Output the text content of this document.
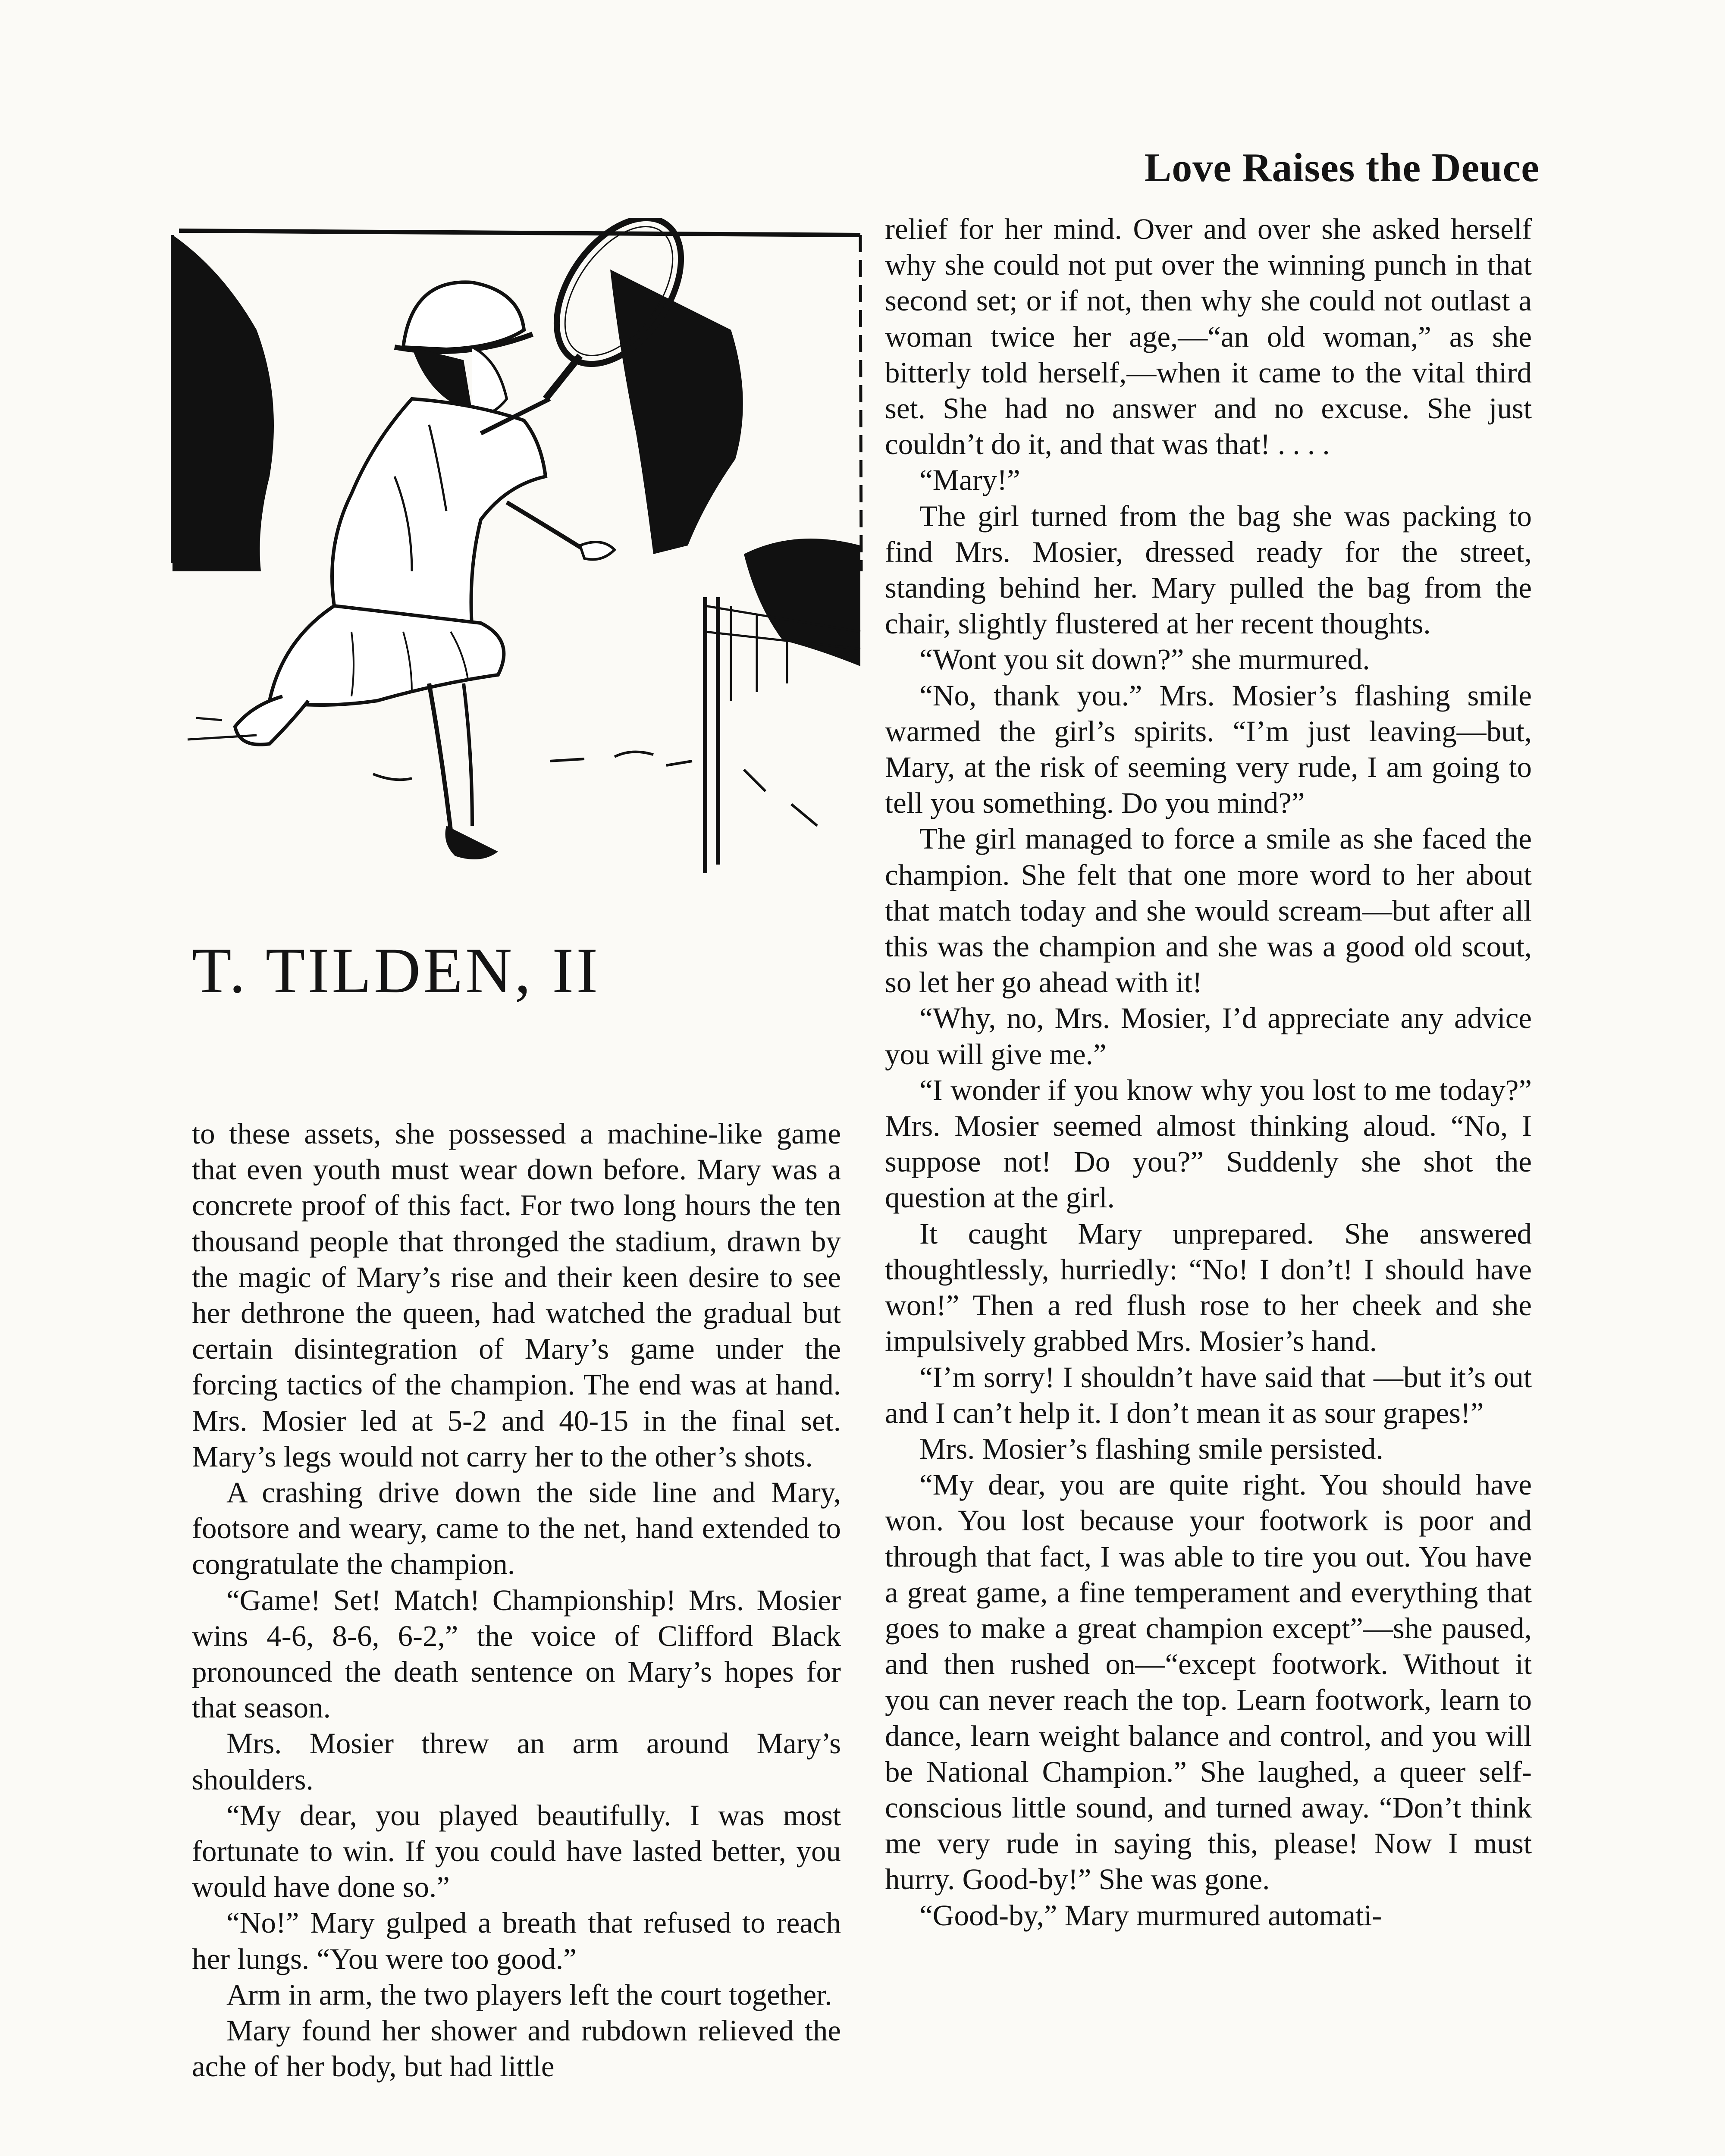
Love Raises the Deuce
T. TILDEN, II

to these assets, she possessed a machine-like game that even youth must wear down before. Mary was a concrete proof of this fact. For two long hours the ten thousand people that thronged the stadium, drawn by the magic of Mary’s rise and their keen desire to see her dethrone the queen, had watched the gradual but certain disintegration of Mary’s game under the forcing tactics of the champion. The end was at hand. Mrs. Mosier led at 5-2 and 40-15 in the final set. Mary’s legs would not carry her to the other’s shots.

A crashing drive down the side line and Mary, footsore and weary, came to the net, hand extended to congratulate the champion.

“Game! Set! Match! Championship! Mrs. Mosier wins 4-6, 8-6, 6-2,” the voice of Clifford Black pronounced the death sentence on Mary’s hopes for that season.

Mrs. Mosier threw an arm around Mary’s shoulders.

“My dear, you played beautifully. I was most fortunate to win. If you could have lasted better, you would have done so.”

“No!” Mary gulped a breath that refused to reach her lungs. “You were too good.”

Arm in arm, the two players left the court together.

Mary found her shower and rubdown relieved the ache of her body, but had little

relief for her mind. Over and over she asked herself why she could not put over the winning punch in that second set; or if not, then why she could not outlast a woman twice her age,—“an old woman,” as she bitterly told herself,—when it came to the vital third set. She had no answer and no excuse. She just couldn’t do it, and that was that! . . . .

“Mary!”

The girl turned from the bag she was packing to find Mrs. Mosier, dressed ready for the street, standing behind her. Mary pulled the bag from the chair, slightly flustered at her recent thoughts.

“Wont you sit down?” she murmured.

“No, thank you.” Mrs. Mosier’s flashing smile warmed the girl’s spirits. “I’m just leaving—but, Mary, at the risk of seeming very rude, I am going to tell you something. Do you mind?”

The girl managed to force a smile as she faced the champion. She felt that one more word to her about that match today and she would scream—but after all this was the champion and she was a good old scout, so let her go ahead with it!

“Why, no, Mrs. Mosier, I’d appreciate any advice you will give me.”

“I wonder if you know why you lost to me today?” Mrs. Mosier seemed almost thinking aloud. “No, I suppose not! Do you?” Suddenly she shot the question at the girl.

It caught Mary unprepared. She answered thoughtlessly, hurriedly: “No! I don’t! I should have won!” Then a red flush rose to her cheek and she impulsively grabbed Mrs. Mosier’s hand.

“I’m sorry! I shouldn’t have said that —but it’s out and I can’t help it. I don’t mean it as sour grapes!”

Mrs. Mosier’s flashing smile persisted.

“My dear, you are quite right. You should have won. You lost because your footwork is poor and through that fact, I was able to tire you out. You have a great game, a fine temperament and everything that goes to make a great champion except”—she paused, and then rushed on—“except footwork. Without it you can never reach the top. Learn footwork, learn to dance, learn weight balance and control, and you will be National Champion.” She laughed, a queer self-conscious little sound, and turned away. “Don’t think me very rude in saying this, please! Now I must hurry. Good-by!” She was gone.

“Good-by,” Mary murmured automati-
